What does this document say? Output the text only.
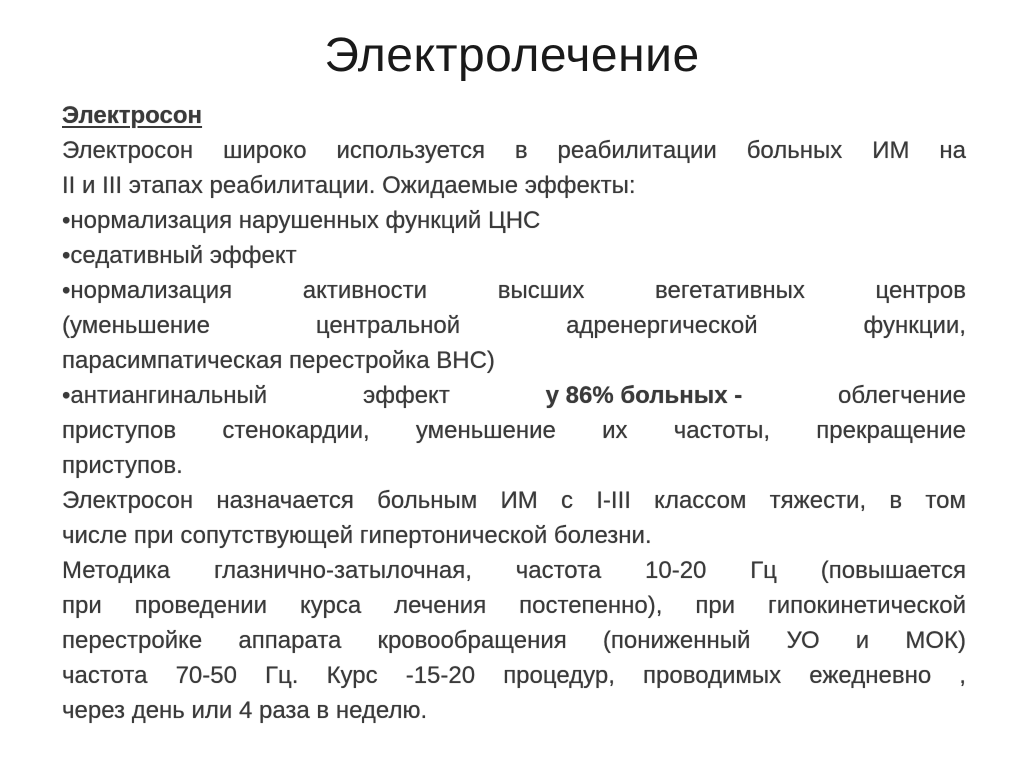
Электролечение
Электросон
Электросон широко используется в реабилитации больных ИМ на
II и III этапах реабилитации. Ожидаемые эффекты:
•нормализация нарушенных функций ЦНС
•седативный эффект
•нормализация	активности	высших	вегетативных	центров
(уменьшение	центральной	адренергической	функции,
парасимпатическая перестройка ВНС)
•антиангинальный	эффект	у 86% больных -	облегчение
приступов стенокардии, уменьшение их частоты, прекращение
приступов.
Электросон назначается больным ИМ с I-III классом тяжести, в том
числе при сопутствующей гипертонической болезни.
Методика глазнично-затылочная, частота 10-20 Гц (повышается
при проведении курса лечения постепенно), при гипокинетической
перестройке аппарата кровообращения (пониженный УО и МОК)
частота 70-50 Гц. Курс -15-20 процедур, проводимых ежедневно ,
через день или 4 раза в неделю.
